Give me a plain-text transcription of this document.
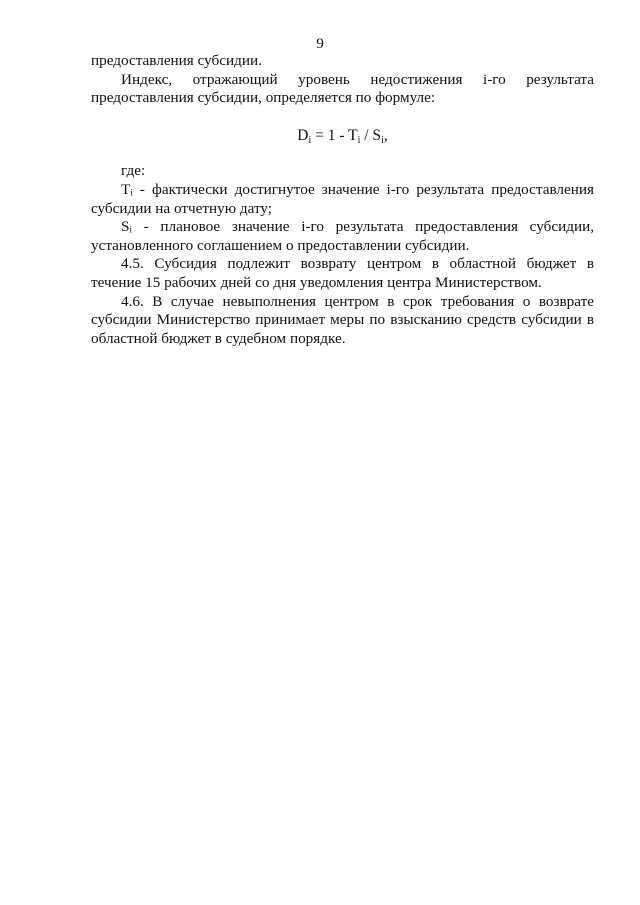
9

предоставления субсидии.

Индекс, отражающий уровень недостижения i-го результата

предоставления субсидии, определяется по формуле:

$D_i = 1 - T_i / S_i$,

где:

Tᵢ - фактически достигнутое значение i-го результата предоставления субсидии на отчетную дату;

Sᵢ - плановое значение i-го результата предоставления субсидии, установленного соглашением о предоставлении субсидии.

4.5. Субсидия подлежит возврату центром в областной бюджет в течение 15 рабочих дней со дня уведомления центра Министерством.

4.6. В случае невыполнения центром в срок требования о возврате субсидии Министерство принимает меры по взысканию средств субсидии в областной бюджет в судебном порядке.
